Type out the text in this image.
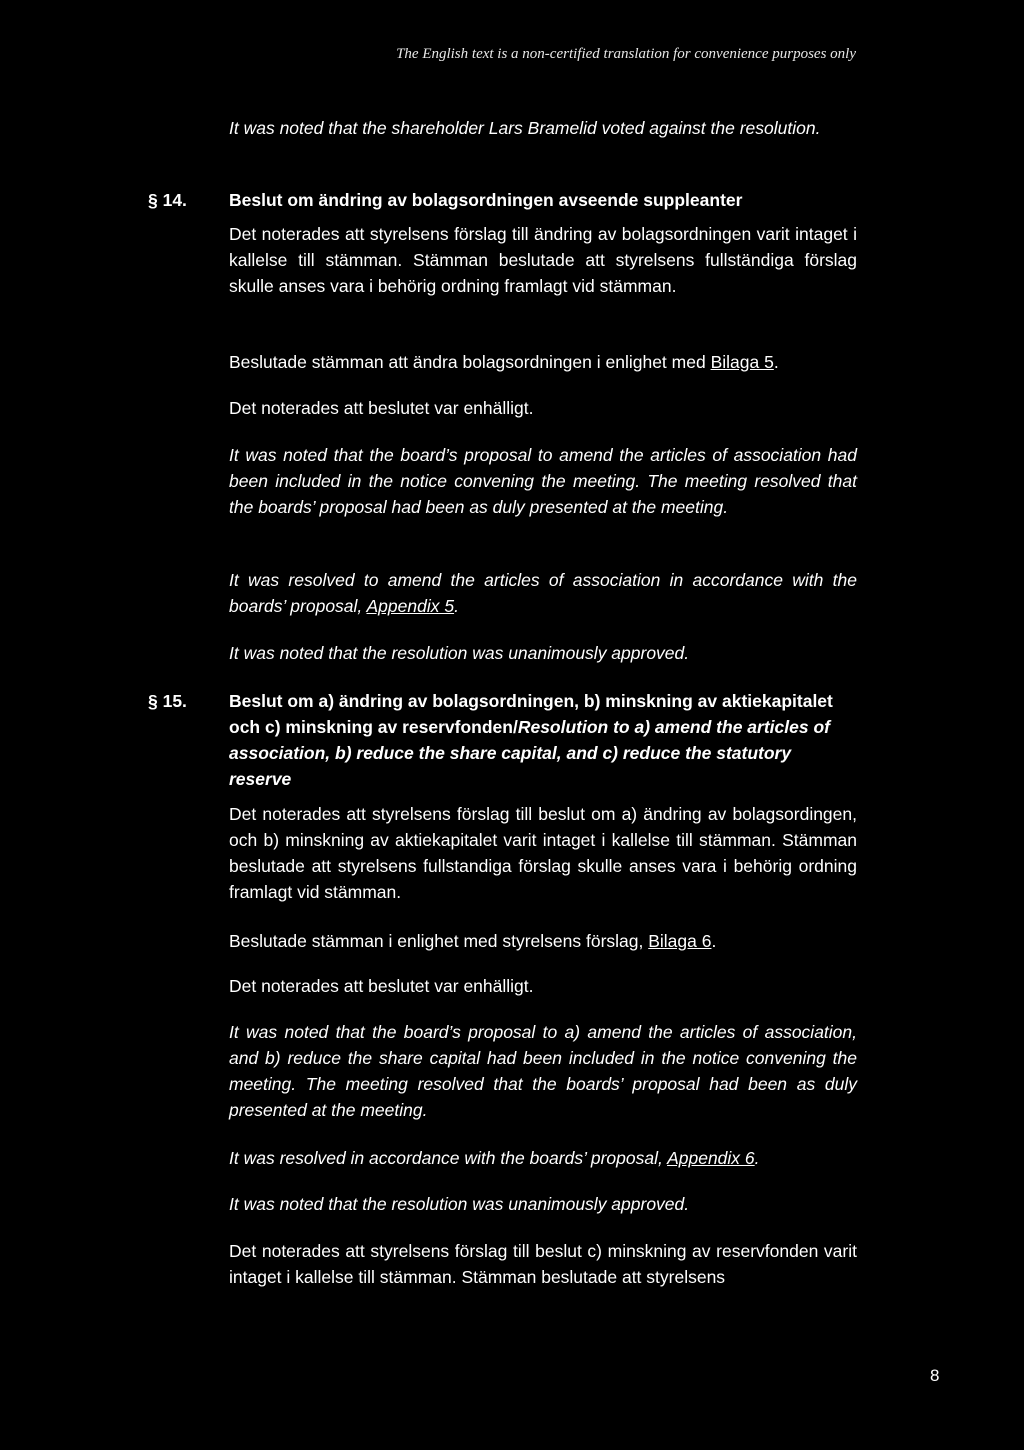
The English text is a non-certified translation for convenience purposes only

It was noted that the shareholder Lars Bramelid voted against the resolution.

§ 14. Beslut om ändring av bolagsordningen avseende suppleanter

Det noterades att styrelsens förslag till ändring av bolagsordningen varit intaget i kallelse till stämman. Stämman beslutade att styrelsens fullständiga förslag skulle anses vara i behörig ordning framlagt vid stämman.

Beslutade stämman att ändra bolagsordningen i enlighet med Bilaga 5.

Det noterades att beslutet var enhälligt.

It was noted that the board’s proposal to amend the articles of association had been included in the notice convening the meeting. The meeting resolved that the boards’ proposal had been as duly presented at the meeting.

It was resolved to amend the articles of association in accordance with the boards’ proposal, Appendix 5.

It was noted that the resolution was unanimously approved.

§ 15. Beslut om a) ändring av bolagsordningen, b) minskning av aktiekapitalet och c) minskning av reservfonden/Resolution to a) amend the articles of association, b) reduce the share capital, and c) reduce the statutory reserve

Det noterades att styrelsens förslag till beslut om a) ändring av bolagsordingen, och b) minskning av aktiekapitalet varit intaget i kallelse till stämman. Stämman beslutade att styrelsens fullstandiga förslag skulle anses vara i behörig ordning framlagt vid stämman.

Beslutade stämman i enlighet med styrelsens förslag, Bilaga 6.

Det noterades att beslutet var enhälligt.

It was noted that the board’s proposal to a) amend the articles of association, and b) reduce the share capital had been included in the notice convening the meeting. The meeting resolved that the boards’ proposal had been as duly presented at the meeting.

It was resolved in accordance with the boards’ proposal, Appendix 6.

It was noted that the resolution was unanimously approved.

Det noterades att styrelsens förslag till beslut c) minskning av reservfonden varit intaget i kallelse till stämman. Stämman beslutade att styrelsens

8
